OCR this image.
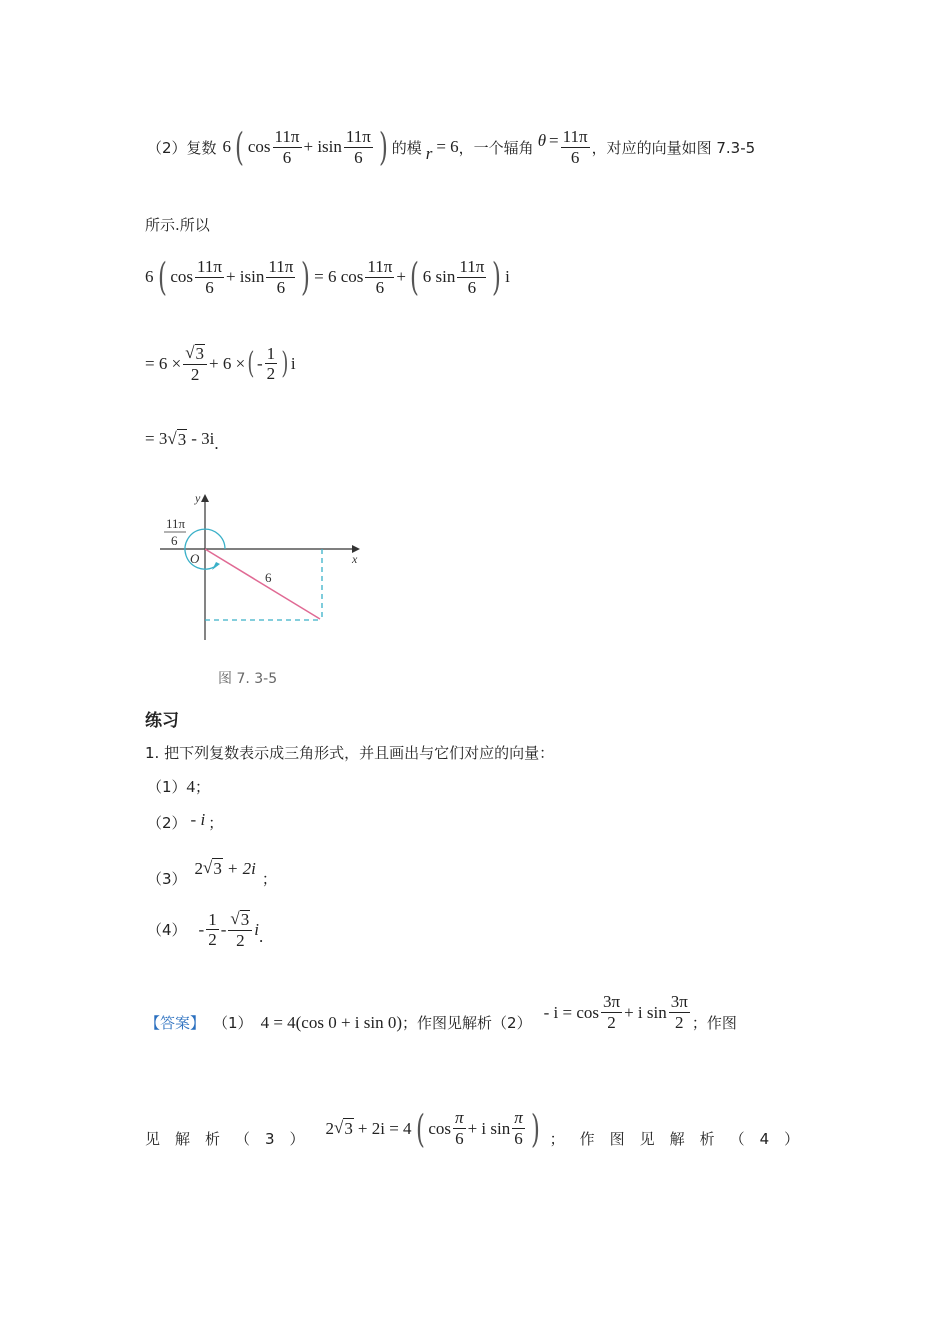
（2）复数 6 ( $\cos \frac{11\pi}{6} + isin \frac{11\pi}{6}$ ) 的模 r = 6 ，一个辐角 $\theta = \frac{11\pi}{6}$ ，对应的向量如图 7.3-5
所示.所以
6 ( $\cos \frac{11\pi}{6} + isin \frac{11\pi}{6}$ ) = 6 $\cos \frac{11\pi}{6}$ + ( 6 $\sin \frac{11\pi}{6}$ ) i
= $6 \times \frac{√ 3}{2} + 6$ × ( - $\frac{1}{2}$ ) i
= 3 √ 3 - 3i .
y
x
O
6
11π
6
图 7. 3-5
练习
1. 把下列复数表示成三角形式，并且画出与它们对应的向量：
（1） 4 ；
（2） - i ；
（3）
2 √ 3 + 2i
；
$(4) - \frac{1}{2} - \frac{√ 3}{2}$ i .
【答案】 （1） 4 = 4(cos 0 + i sin 0) ；作图见解析（2）
- $i = \cos \frac{3\pi}{2} + i$ $\sin \frac{3\pi}{2}$ ；作图
见解析（3）
2 √ 3 + 2i = 4 ( $\cos \frac{\pi}{6} + i$ $\sin \frac{\pi}{6}$ ) ；作图见解析（4）
